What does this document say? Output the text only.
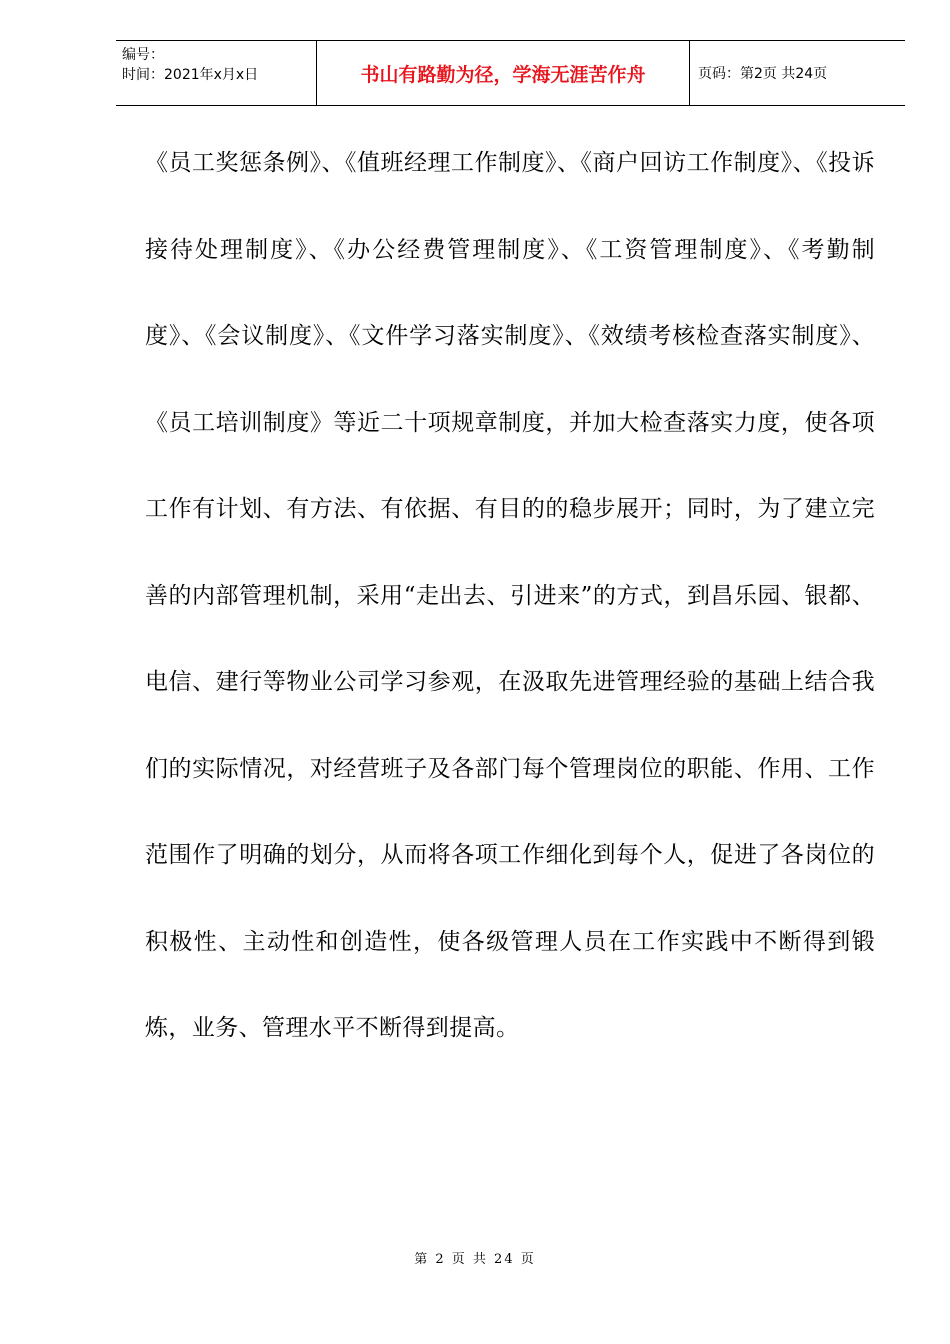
编号：
时间：2021年x月x日	书山有路勤为径，学海无涯苦作舟	页码：第2页 共24页

《员工奖惩条例》、《值班经理工作制度》、《商户回访工作制度》、《投诉接待处理制度》、《办公经费管理制度》、《工资管理制度》、《考勤制度》、《会议制度》、《文件学习落实制度》、《效绩考核检查落实制度》、《员工培训制度》等近二十项规章制度，并加大检查落实力度，使各项工作有计划、有方法、有依据、有目的的稳步展开；同时，为了建立完善的内部管理机制，采用“走出去、引进来”的方式，到昌乐园、银都、电信、建行等物业公司学习参观，在汲取先进管理经验的基础上结合我们的实际情况，对经营班子及各部门每个管理岗位的职能、作用、工作范围作了明确的划分，从而将各项工作细化到每个人，促进了各岗位的积极性、主动性和创造性，使各级管理人员在工作实践中不断得到锻炼，业务、管理水平不断得到提高。

第 2 页 共 24 页
